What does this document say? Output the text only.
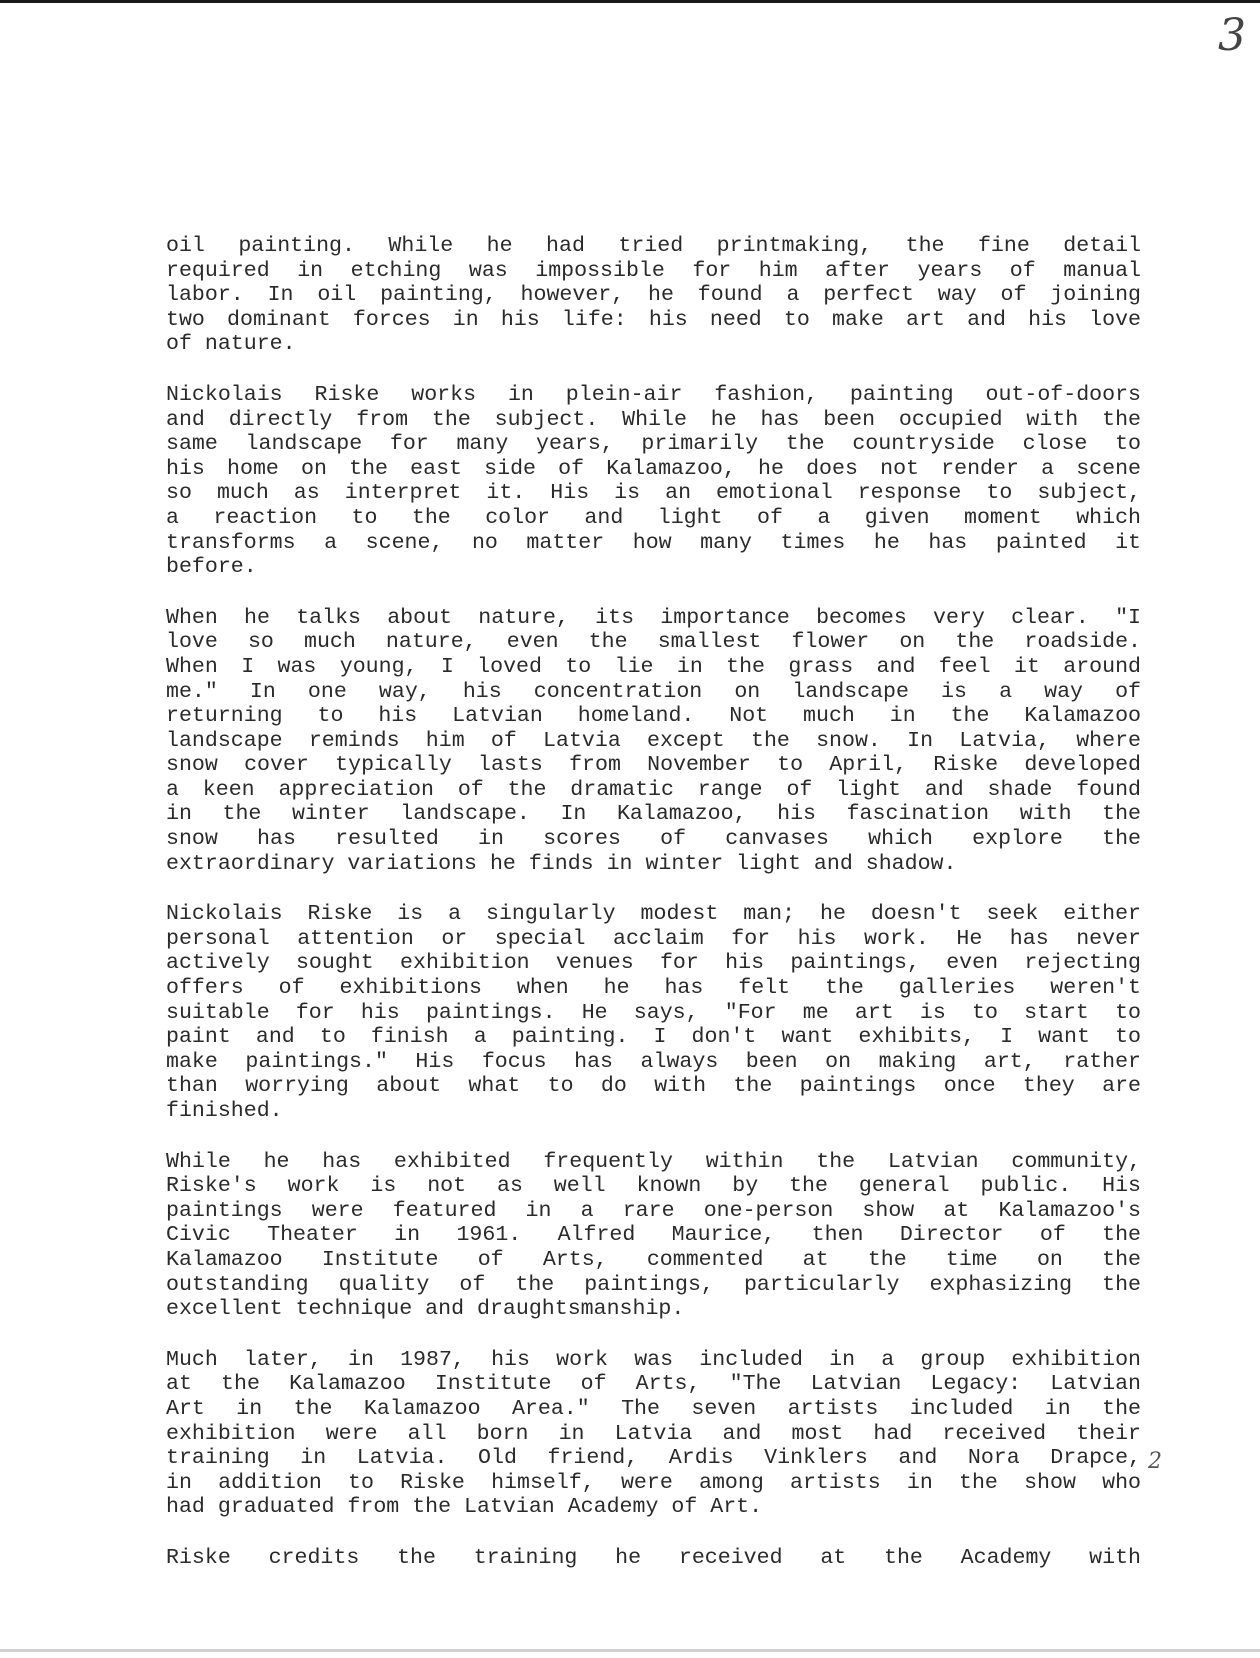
3
oil painting. While he had tried printmaking, the fine detail
required in etching was impossible for him after years of manual
labor. In oil painting, however, he found a perfect way of joining
two dominant forces in his life: his need to make art and his love
of nature.
Nickolais Riske works in plein-air fashion, painting out-of-doors
and directly from the subject. While he has been occupied with the
same landscape for many years, primarily the countryside close to
his home on the east side of Kalamazoo, he does not render a scene
so much as interpret it. His is an emotional response to subject,
a reaction to the color and light of a given moment which
transforms a scene, no matter how many times he has painted it
before.
When he talks about nature, its importance becomes very clear. "I
love so much nature, even the smallest flower on the roadside.
When I was young, I loved to lie in the grass and feel it around
me." In one way, his concentration on landscape is a way of
returning to his Latvian homeland. Not much in the Kalamazoo
landscape reminds him of Latvia except the snow. In Latvia, where
snow cover typically lasts from November to April, Riske developed
a keen appreciation of the dramatic range of light and shade found
in the winter landscape. In Kalamazoo, his fascination with the
snow has resulted in scores of canvases which explore the
extraordinary variations he finds in winter light and shadow.
Nickolais Riske is a singularly modest man; he doesn't seek either
personal attention or special acclaim for his work. He has never
actively sought exhibition venues for his paintings, even rejecting
offers of exhibitions when he has felt the galleries weren't
suitable for his paintings. He says, "For me art is to start to
paint and to finish a painting. I don't want exhibits, I want to
make paintings." His focus has always been on making art, rather
than worrying about what to do with the paintings once they are
finished.
While he has exhibited frequently within the Latvian community,
Riske's work is not as well known by the general public. His
paintings were featured in a rare one-person show at Kalamazoo's
Civic Theater in 1961. Alfred Maurice, then Director of the
Kalamazoo Institute of Arts, commented at the time on the
outstanding quality of the paintings, particularly exphasizing the
excellent technique and draughtsmanship.
Much later, in 1987, his work was included in a group exhibition
at the Kalamazoo Institute of Arts, "The Latvian Legacy: Latvian
Art in the Kalamazoo Area." The seven artists included in the
exhibition were all born in Latvia and most had received their
training in Latvia. Old friend, Ardis Vinklers and Nora Drapce,
in addition to Riske himself, were among artists in the show who
had graduated from the Latvian Academy of Art.
Riske credits the training he received at the Academy with
2
